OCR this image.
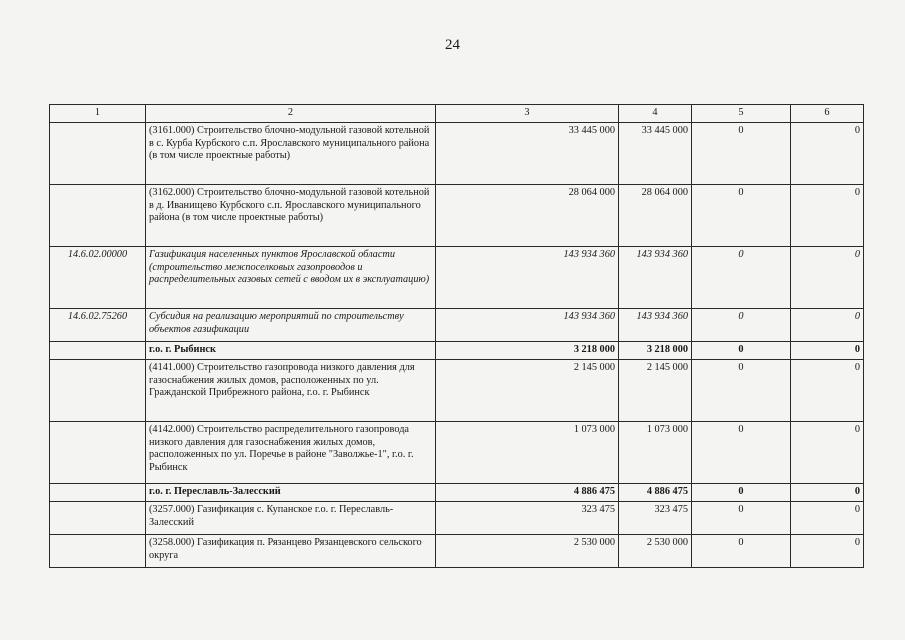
24
1	2	3	4	5	6
	(3161.000) Строительство блочно-модульной газовой котельной в с. Курба Курбского с.п. Ярославского муниципального района (в том числе проектные работы)	33 445 000	33 445 000	0	0
	(3162.000) Строительство блочно-модульной газовой котельной в д. Иванищево Курбского с.п. Ярославского муниципального района (в том числе проектные работы)	28 064 000	28 064 000	0	0
14.6.02.00000	Газификация населенных пунктов Ярославской области (строительство межпоселковых газопроводов и распределительных газовых сетей с вводом их в эксплуатацию)	143 934 360	143 934 360	0	0
14.6.02.75260	Субсидия на реализацию мероприятий по строительству объектов газификации	143 934 360	143 934 360	0	0
	г.о. г. Рыбинск	3 218 000	3 218 000	0	0
	(4141.000) Строительство газопровода низкого давления для газоснабжения жилых домов, расположенных по ул. Гражданской Прибрежного района, г.о. г. Рыбинск	2 145 000	2 145 000	0	0
	(4142.000) Строительство распределительного газопровода низкого давления для газоснабжения жилых домов, расположенных по ул. Поречье в районе "Заволжье-1", г.о. г. Рыбинск	1 073 000	1 073 000	0	0
	г.о. г. Переславль-Залесский	4 886 475	4 886 475	0	0
	(3257.000) Газификация с. Купанское г.о. г. Переславль-Залесский	323 475	323 475	0	0
	(3258.000) Газификация п. Рязанцево Рязанцевского сельского округа	2 530 000	2 530 000	0	0
